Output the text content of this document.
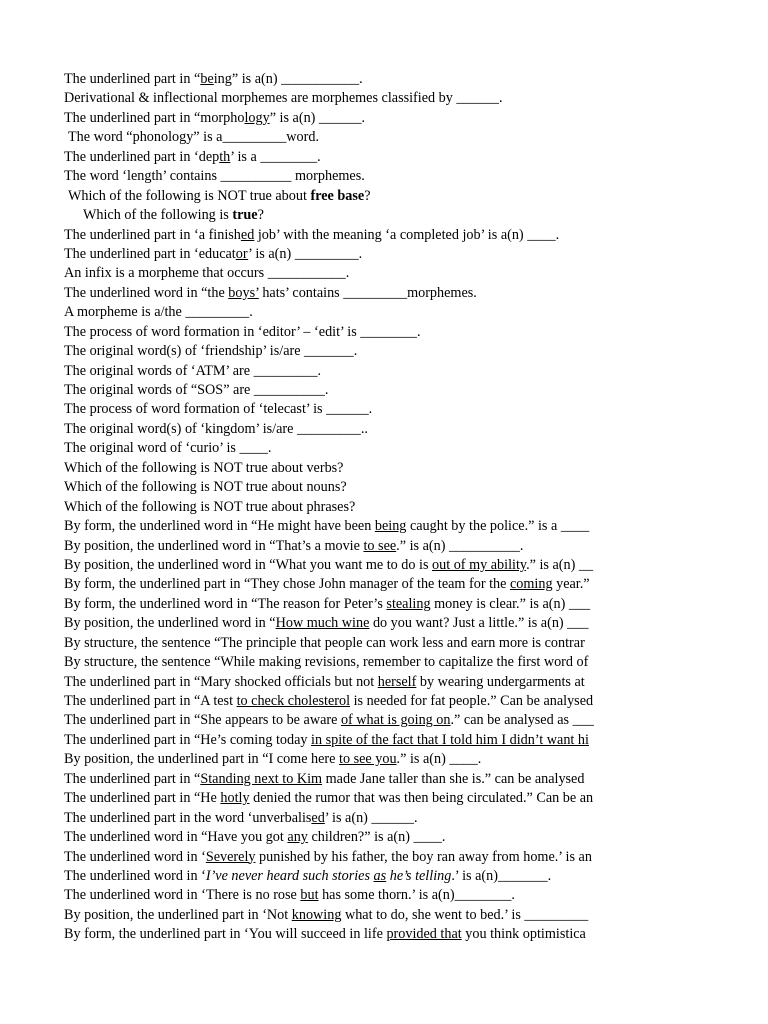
The underlined part in “being” is a(n) ___________.
Derivational & inflectional morphemes are morphemes classified by ______.
The underlined part in “morphology” is a(n) ______.
The word “phonology” is a_________word.
The underlined part in ‘depth’ is a ________.
The word ‘length’ contains __________ morphemes.
Which of the following is NOT true about free base?
Which of the following is true?
The underlined part in ‘a finished job’ with the meaning ‘a completed job’ is a(n) ____.
The underlined part in ‘educator’ is a(n) _________.
An infix is a morpheme that occurs ___________.
The underlined word in “the boys’ hats’ contains _________morphemes.
A morpheme is a/the _________.
The process of word formation in ‘editor’ – ‘edit’ is ________.
The original word(s) of ‘friendship’ is/are _______.
The original words of ‘ATM’ are _________.
The original words of “SOS” are __________.
The process of word formation of ‘telecast’ is ______.
The original word(s) of ‘kingdom’ is/are _________..
The original word of ‘curio’ is ____.
Which of the following is NOT true about verbs?
Which of the following is NOT true about nouns?
Which of the following is NOT true about phrases?
By form, the underlined word in “He might have been being caught by the police.” is a ____
By position, the underlined word in “That’s a movie to see.” is a(n) __________.
By position, the underlined word in “What you want me to do is out of my ability.” is a(n) __
By form, the underlined part in “They chose John manager of the team for the coming year.”
By form, the underlined word in “The reason for Peter’s stealing money is clear.” is a(n) ___
By position, the underlined word in “How much wine do you want? Just a little.” is a(n) ___
By structure, the sentence “The principle that people can work less and earn more is contrar
By structure, the sentence “While making revisions, remember to capitalize the first word of
The underlined part in “Mary shocked officials but not herself by wearing undergarments at
The underlined part in “A test to check cholesterol is needed for fat people.” Can be analysed
The underlined part in “She appears to be aware of what is going on.” can be analysed as ___
The underlined part in “He’s coming today in spite of the fact that I told him I didn’t want hi
By position, the underlined part in “I come here to see you.” is a(n) ____.
The underlined part in “Standing next to Kim made Jane taller than she is.” can be analysed
The underlined part in “He hotly denied the rumor that was then being circulated.” Can be an
The underlined part in the word ‘unverbalised’ is a(n) ______.
The underlined word in “Have you got any children?” is a(n) ____.
The underlined word in ‘Severely punished by his father, the boy ran away from home.’ is an
The underlined word in ‘I’ve never heard such stories as he’s telling.’ is a(n)_______.
The underlined word in ‘There is no rose but has some thorn.’ is a(n)________.
By position, the underlined part in ‘Not knowing what to do, she went to bed.’ is _________
By form, the underlined part in ‘You will succeed in life provided that you think optimistica
